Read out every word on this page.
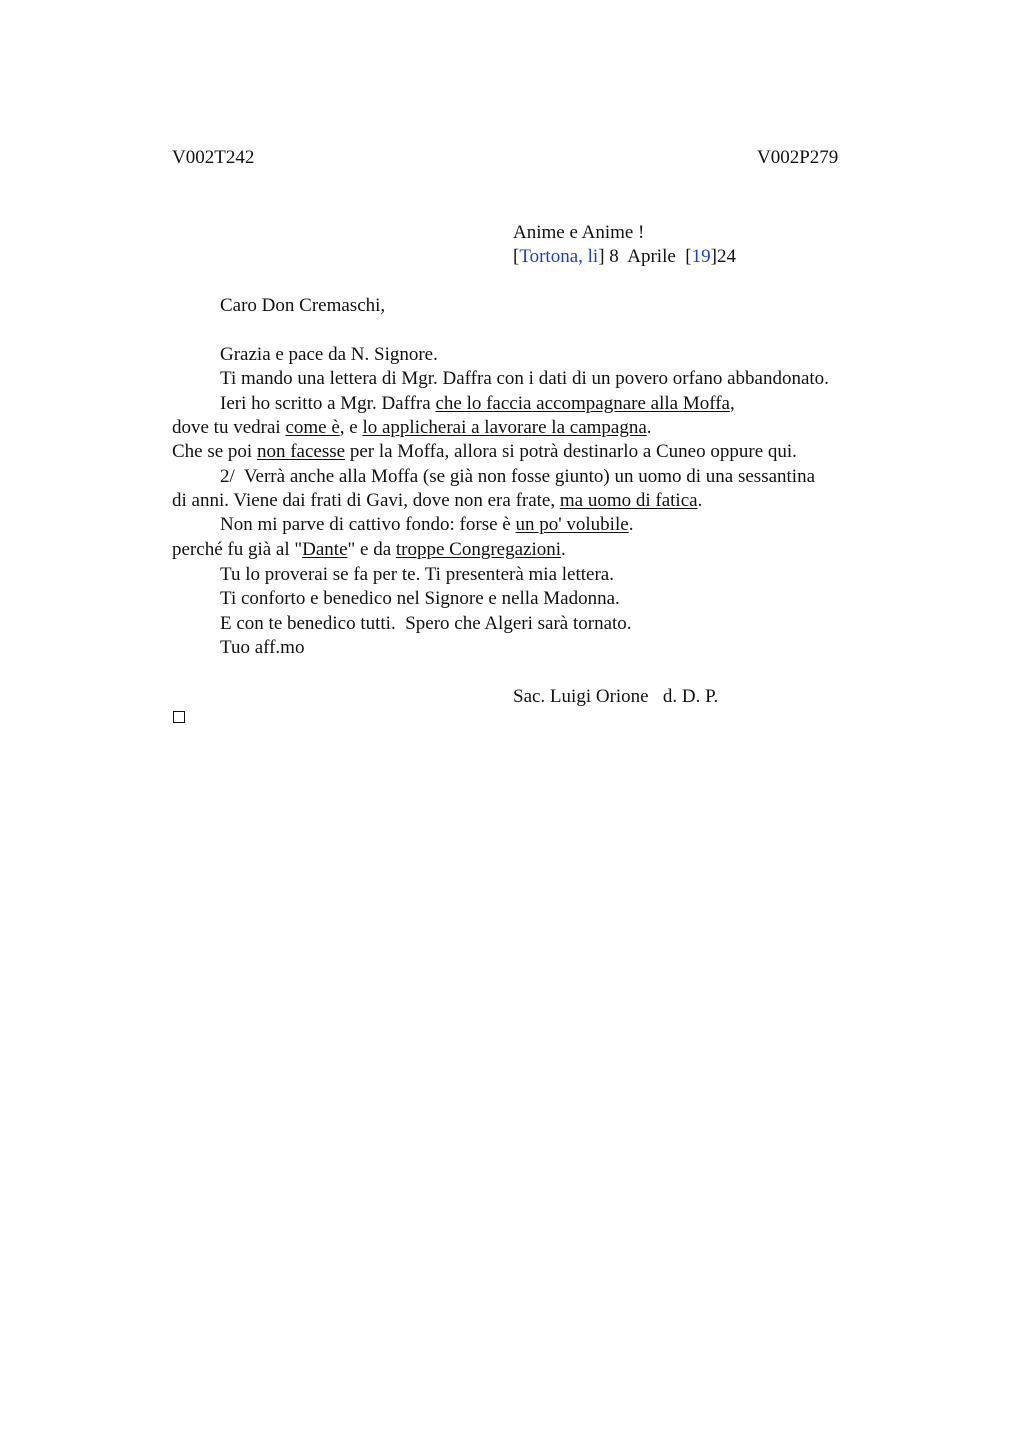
V002T242	V002P279
Anime e Anime !
[Tortona, li] 8  Aprile  [19]24
Caro Don Cremaschi,
Grazia e pace da N. Signore.
Ti mando una lettera di Mgr. Daffra con i dati di un povero orfano abbandonato.
Ieri ho scritto a Mgr. Daffra che lo faccia accompagnare alla Moffa,
dove tu vedrai come è, e lo applicherai a lavorare la campagna.
Che se poi non facesse per la Moffa, allora si potrà destinarlo a Cuneo oppure qui.
2/  Verrà anche alla Moffa (se già non fosse giunto) un uomo di una sessantina
di anni. Viene dai frati di Gavi, dove non era frate, ma uomo di fatica.
Non mi parve di cattivo fondo: forse è un po' volubile.
perché fu già al "Dante" e da troppe Congregazioni.
Tu lo proverai se fa per te. Ti presenterà mia lettera.
Ti conforto e benedico nel Signore e nella Madonna.
E con te benedico tutti.  Spero che Algeri sarà tornato.
Tuo aff.mo
Sac. Luigi Orione   d. D. P.
